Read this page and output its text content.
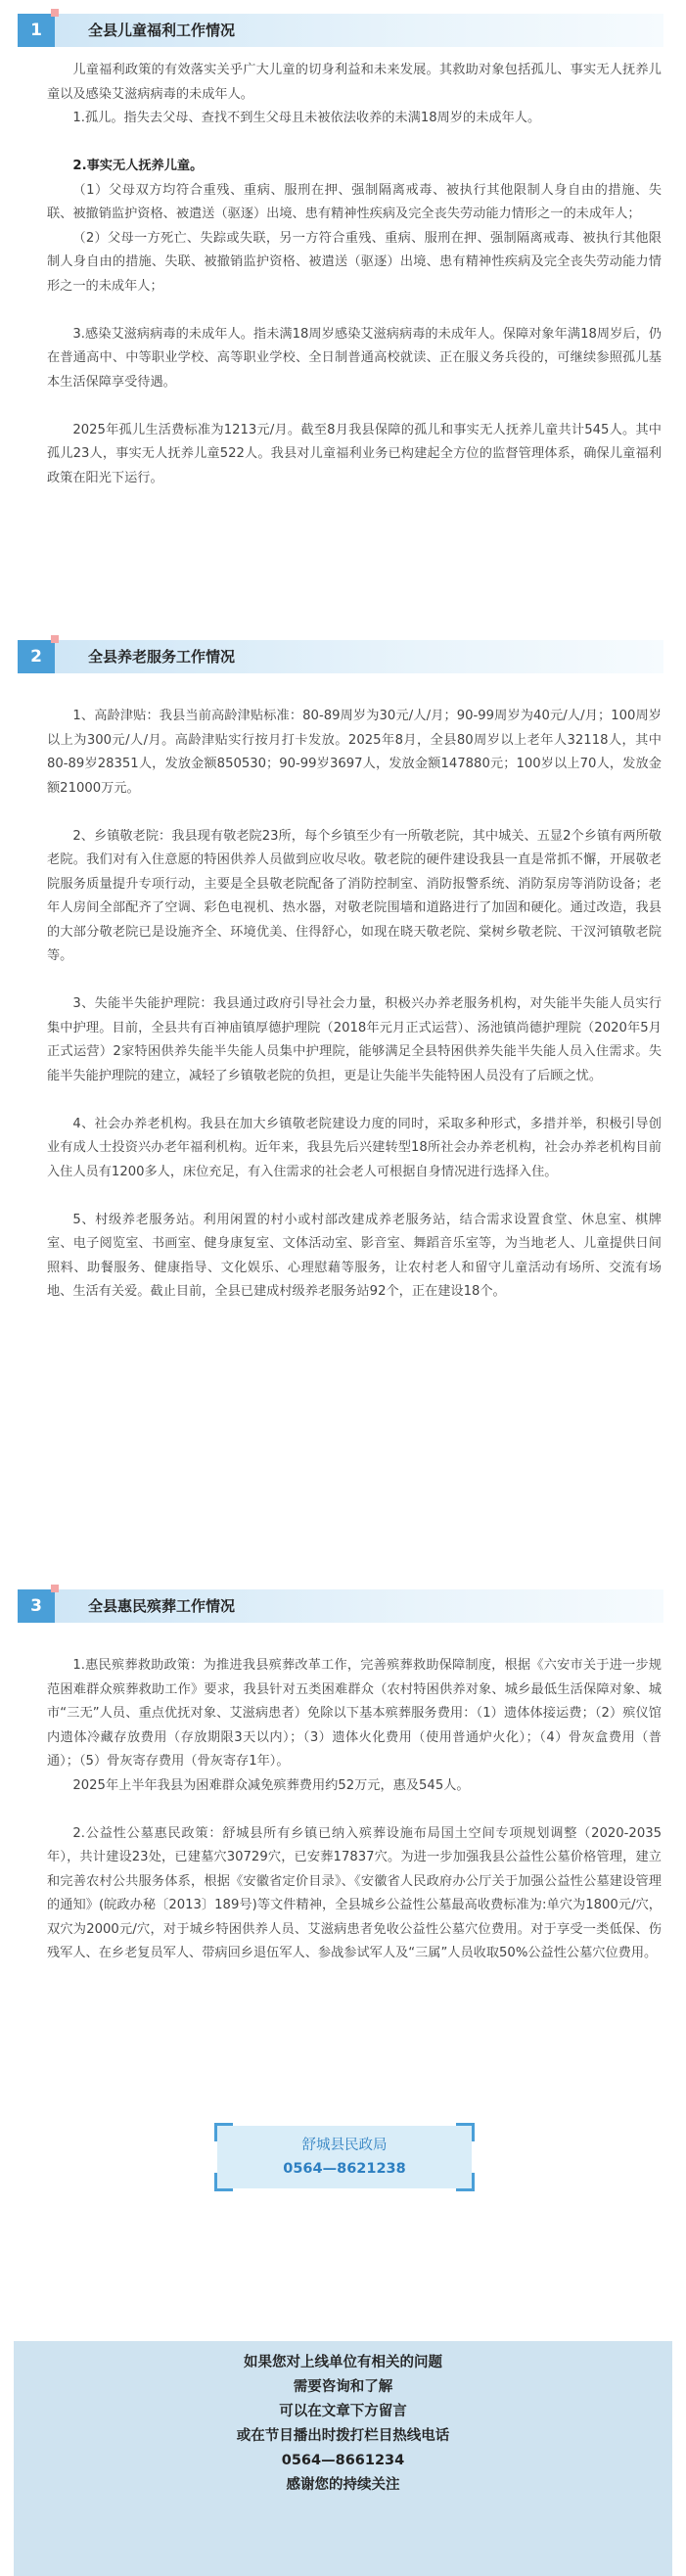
1	全县儿童福利工作情况

儿童福利政策的有效落实关乎广大儿童的切身利益和未来发展。其救助对象包括孤儿、事实无人抚养儿童以及感染艾滋病病毒的未成年人。

1.孤儿。指失去父母、查找不到生父母且未被依法收养的未满18周岁的未成年人。

2.事实无人抚养儿童。

（1）父母双方均符合重残、重病、服刑在押、强制隔离戒毒、被执行其他限制人身自由的措施、失联、被撤销监护资格、被遣送（驱逐）出境、患有精神性疾病及完全丧失劳动能力情形之一的未成年人；

（2）父母一方死亡、失踪或失联，另一方符合重残、重病、服刑在押、强制隔离戒毒、被执行其他限制人身自由的措施、失联、被撤销监护资格、被遣送（驱逐）出境、患有精神性疾病及完全丧失劳动能力情形之一的未成年人；

3.感染艾滋病病毒的未成年人。指未满18周岁感染艾滋病病毒的未成年人。保障对象年满18周岁后，仍在普通高中、中等职业学校、高等职业学校、全日制普通高校就读、正在服义务兵役的，可继续参照孤儿基本生活保障享受待遇。

2025年孤儿生活费标准为1213元/月。截至8月我县保障的孤儿和事实无人抚养儿童共计545人。其中孤儿23人，事实无人抚养儿童522人。我县对儿童福利业务已构建起全方位的监督管理体系，确保儿童福利政策在阳光下运行。

2	全县养老服务工作情况

1、高龄津贴：我县当前高龄津贴标准：80-89周岁为30元/人/月；90-99周岁为40元/人/月；100周岁以上为300元/人/月。高龄津贴实行按月打卡发放。2025年8月，全县80周岁以上老年人32118人，其中80-89岁28351人，发放金额850530；90-99岁3697人，发放金额147880元；100岁以上70人，发放金额21000万元。

2、乡镇敬老院：我县现有敬老院23所，每个乡镇至少有一所敬老院，其中城关、五显2个乡镇有两所敬老院。我们对有入住意愿的特困供养人员做到应收尽收。敬老院的硬件建设我县一直是常抓不懈，开展敬老院服务质量提升专项行动，主要是全县敬老院配备了消防控制室、消防报警系统、消防泵房等消防设备；老年人房间全部配齐了空调、彩色电视机、热水器，对敬老院围墙和道路进行了加固和硬化。通过改造，我县的大部分敬老院已是设施齐全、环境优美、住得舒心，如现在晓天敬老院、棠树乡敬老院、干汊河镇敬老院等。

3、失能半失能护理院：我县通过政府引导社会力量，积极兴办养老服务机构，对失能半失能人员实行集中护理。目前，全县共有百神庙镇厚德护理院（2018年元月正式运营）、汤池镇尚德护理院（2020年5月正式运营）2家特困供养失能半失能人员集中护理院，能够满足全县特困供养失能半失能人员入住需求。失能半失能护理院的建立，减轻了乡镇敬老院的负担，更是让失能半失能特困人员没有了后顾之忧。

4、社会办养老机构。我县在加大乡镇敬老院建设力度的同时，采取多种形式，多措并举，积极引导创业有成人士投资兴办老年福利机构。近年来，我县先后兴建转型18所社会办养老机构，社会办养老机构目前入住人员有1200多人，床位充足，有入住需求的社会老人可根据自身情况进行选择入住。

5、村级养老服务站。利用闲置的村小或村部改建成养老服务站，结合需求设置食堂、休息室、棋牌室、电子阅览室、书画室、健身康复室、文体活动室、影音室、舞蹈音乐室等，为当地老人、儿童提供日间照料、助餐服务、健康指导、文化娱乐、心理慰藉等服务，让农村老人和留守儿童活动有场所、交流有场地、生活有关爱。截止目前，全县已建成村级养老服务站92个，正在建设18个。

3	全县惠民殡葬工作情况

1.惠民殡葬救助政策：为推进我县殡葬改革工作，完善殡葬救助保障制度，根据《六安市关于进一步规范困难群众殡葬救助工作》要求，我县针对五类困难群众（农村特困供养对象、城乡最低生活保障对象、城市“三无”人员、重点优抚对象、艾滋病患者）免除以下基本殡葬服务费用：（1）遗体体接运费；（2）殡仪馆内遗体冷藏存放费用（存放期限3天以内）；（3）遗体火化费用（使用普通炉火化）；（4）骨灰盒费用（普通）；（5）骨灰寄存费用（骨灰寄存1年）。

2025年上半年我县为困难群众减免殡葬费用约52万元，惠及545人。

2.公益性公墓惠民政策：舒城县所有乡镇已纳入殡葬设施布局国土空间专项规划调整（2020-2035年），共计建设23处，已建墓穴30729穴，已安葬17837穴。为进一步加强我县公益性公墓价格管理，建立和完善农村公共服务体系，根据《安徽省定价目录》、《安徽省人民政府办公厅关于加强公益性公墓建设管理的通知》(皖政办秘〔2013〕189号)等文件精神，全县城乡公益性公墓最高收费标准为:单穴为1800元/穴，双穴为2000元/穴，对于城乡特困供养人员、艾滋病患者免收公益性公墓穴位费用。对于享受一类低保、伤残军人、在乡老复员军人、带病回乡退伍军人、参战参试军人及“三属”人员收取50%公益性公墓穴位费用。

舒城县民政局
0564—8621238
如果您对上线单位有相关的问题
需要咨询和了解
可以在文章下方留言
或在节目播出时拨打栏目热线电话
0564—8661234
感谢您的持续关注
